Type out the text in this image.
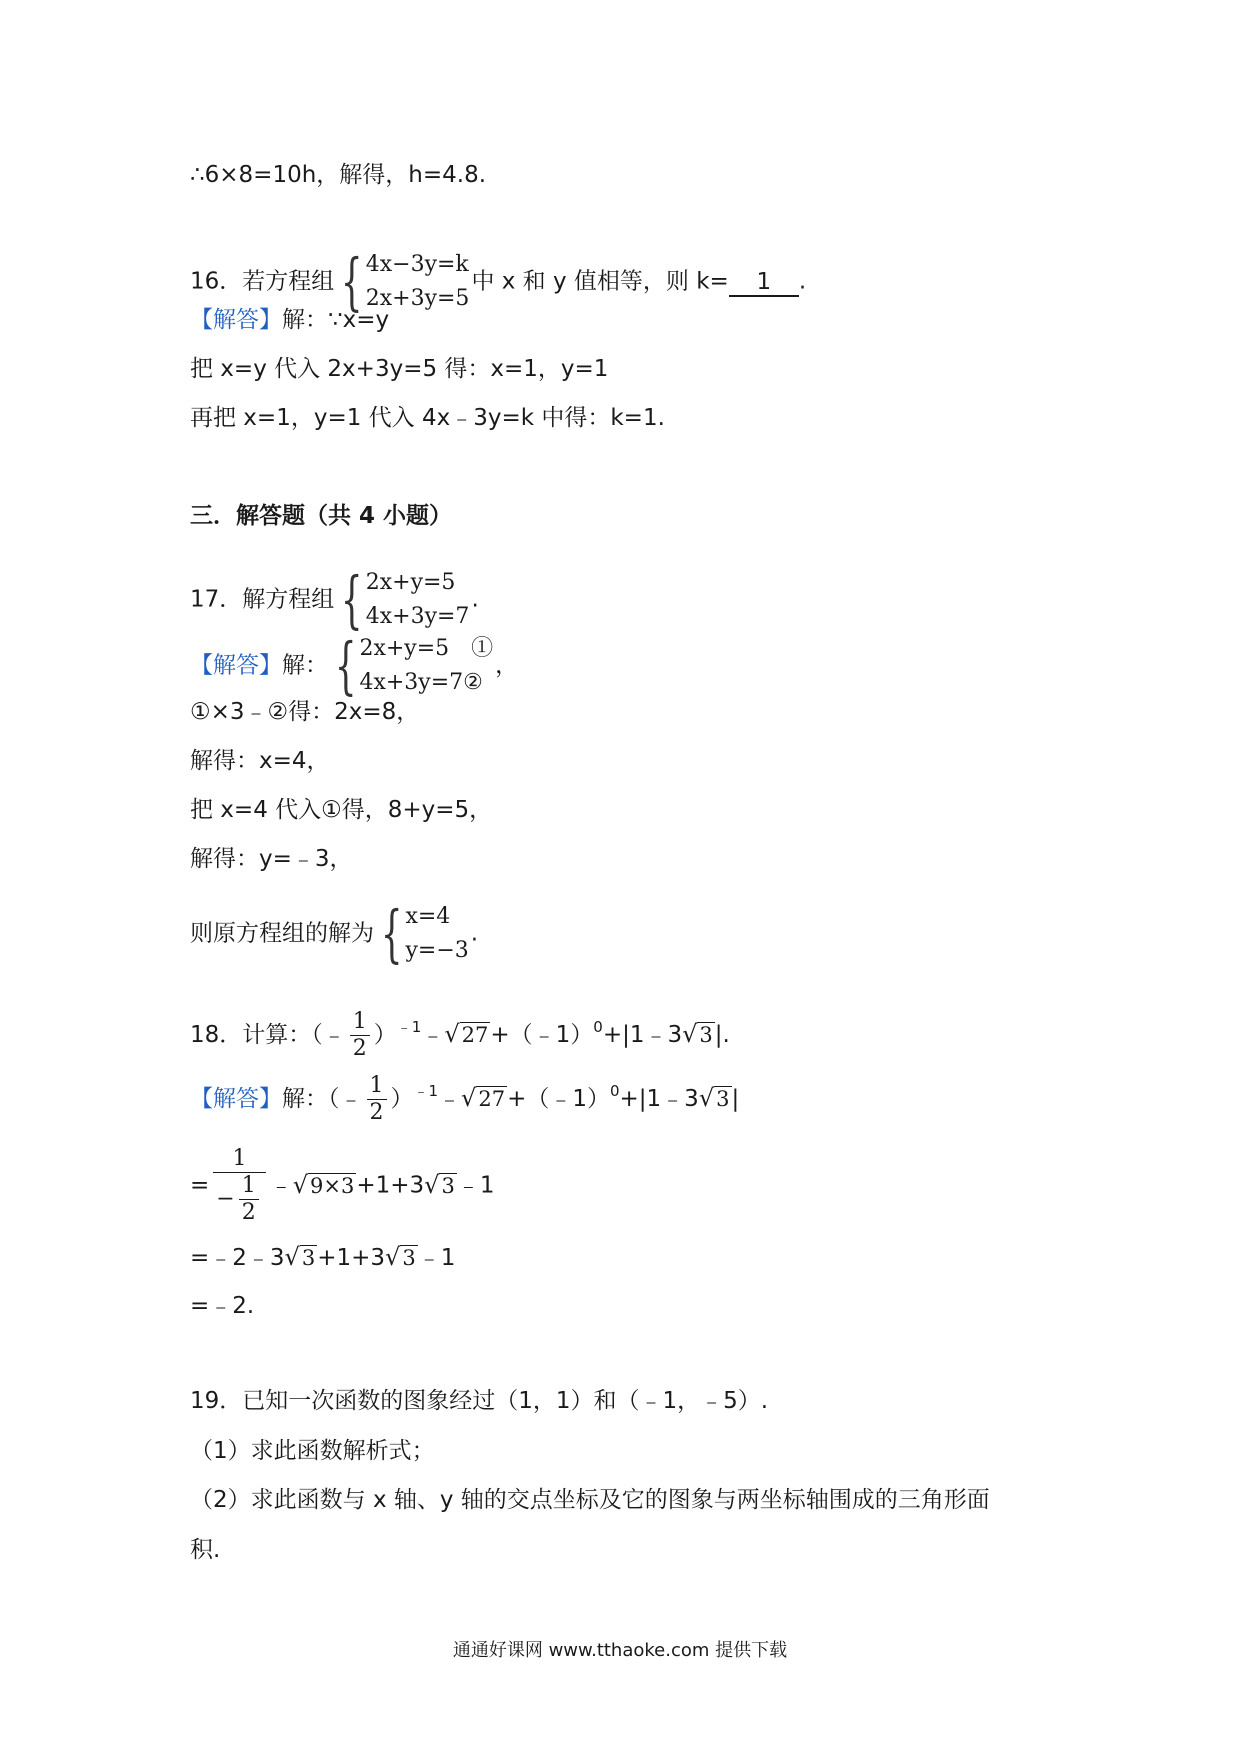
∴6×8=10h，解得，h=4.8.
16．若方程组 { 4x−3y=k
2x+3y=5
中 x 和 y 值相等，则 k= 1 .
【解答】解：∵x=y
把 x=y 代入 2x+3y=5 得：x=1，y=1
再把 x=1，y=1 代入 4x﹣3y=k 中得：k=1.
三．解答题（共 4 小题）
17．解方程组 { 2x+y=5
4x+3y=7
.
【解答】解： { 2x+y=5　①
4x+3y=7②
，
①×3﹣②得：2x=8，
解得：x=4，
把 x=4 代入①得，8+y=5，
解得：y=﹣3，
则原方程组的解为 { x=4
y=−3
.
18．计算：（﹣ $\frac{1}{2}$ ）$^{﹣1}$﹣√27+（﹣1）$^0$+|1﹣3√3|.
【解答】解：（﹣ $\frac{1}{2}$ ）$^{﹣1}$﹣√27+（﹣1）$^0$+|1﹣3√3|
= $\frac{1}{- \frac{1}{2}}$ ﹣√9×3+1+3√3﹣1
=﹣2﹣3√3+1+3√3﹣1
=﹣2.
19．已知一次函数的图象经过（1，1）和（﹣1，﹣5）.
（1）求此函数解析式；
（2）求此函数与 x 轴、y 轴的交点坐标及它的图象与两坐标轴围成的三角形面
积.
通通好课网 www.tthaoke.com 提供下载
